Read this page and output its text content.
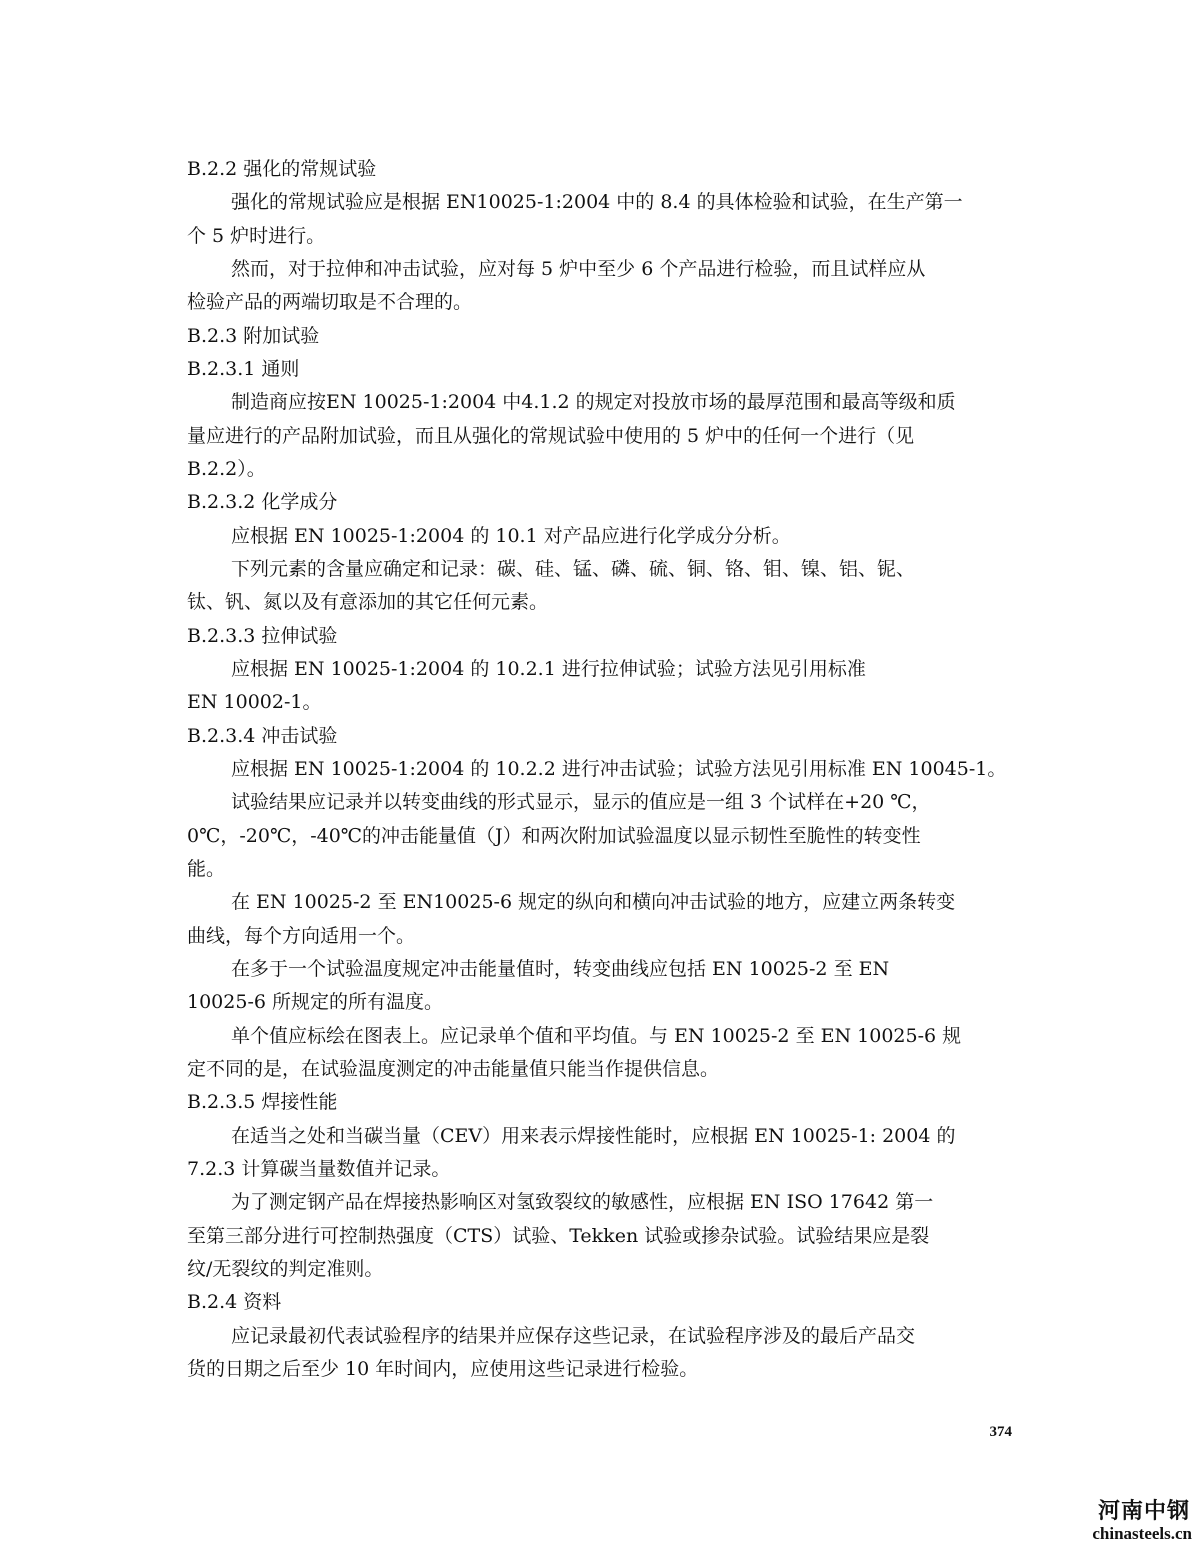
B.2.2 强化的常规试验
强化的常规试验应是根据 EN10025-1:2004 中的 8.4 的具体检验和试验，在生产第一
个 5 炉时进行。
然而，对于拉伸和冲击试验，应对每 5 炉中至少 6 个产品进行检验，而且试样应从
检验产品的两端切取是不合理的。
B.2.3 附加试验
B.2.3.1 通则
制造商应按EN 10025-1:2004 中4.1.2 的规定对投放市场的最厚范围和最高等级和质
量应进行的产品附加试验，而且从强化的常规试验中使用的 5 炉中的任何一个进行（见
B.2.2）。
B.2.3.2 化学成分
应根据 EN 10025-1:2004 的 10.1 对产品应进行化学成分分析。
下列元素的含量应确定和记录：碳、硅、锰、磷、硫、铜、铬、钼、镍、铝、铌、
钛、钒、氮以及有意添加的其它任何元素。
B.2.3.3 拉伸试验
应根据 EN 10025-1:2004 的 10.2.1 进行拉伸试验；试验方法见引用标准
EN 10002-1。
B.2.3.4 冲击试验
应根据 EN 10025-1:2004 的 10.2.2 进行冲击试验；试验方法见引用标准 EN 10045-1。
试验结果应记录并以转变曲线的形式显示，显示的值应是一组 3 个试样在+20 ℃，
0℃，-20℃，-40℃的冲击能量值（J）和两次附加试验温度以显示韧性至脆性的转变性
能。
在 EN 10025-2 至 EN10025-6 规定的纵向和横向冲击试验的地方，应建立两条转变
曲线，每个方向适用一个。
在多于一个试验温度规定冲击能量值时，转变曲线应包括 EN 10025-2 至 EN
10025-6 所规定的所有温度。
单个值应标绘在图表上。应记录单个值和平均值。与 EN 10025-2 至 EN 10025-6 规
定不同的是，在试验温度测定的冲击能量值只能当作提供信息。
B.2.3.5 焊接性能
在适当之处和当碳当量（CEV）用来表示焊接性能时，应根据 EN 10025-1: 2004 的
7.2.3 计算碳当量数值并记录。
为了测定钢产品在焊接热影响区对氢致裂纹的敏感性，应根据 EN ISO 17642 第一
至第三部分进行可控制热强度（CTS）试验、Tekken 试验或掺杂试验。试验结果应是裂
纹/无裂纹的判定准则。
B.2.4 资料
应记录最初代表试验程序的结果并应保存这些记录，在试验程序涉及的最后产品交
货的日期之后至少 10 年时间内，应使用这些记录进行检验。
374
河南中钢
chinasteels.cn
